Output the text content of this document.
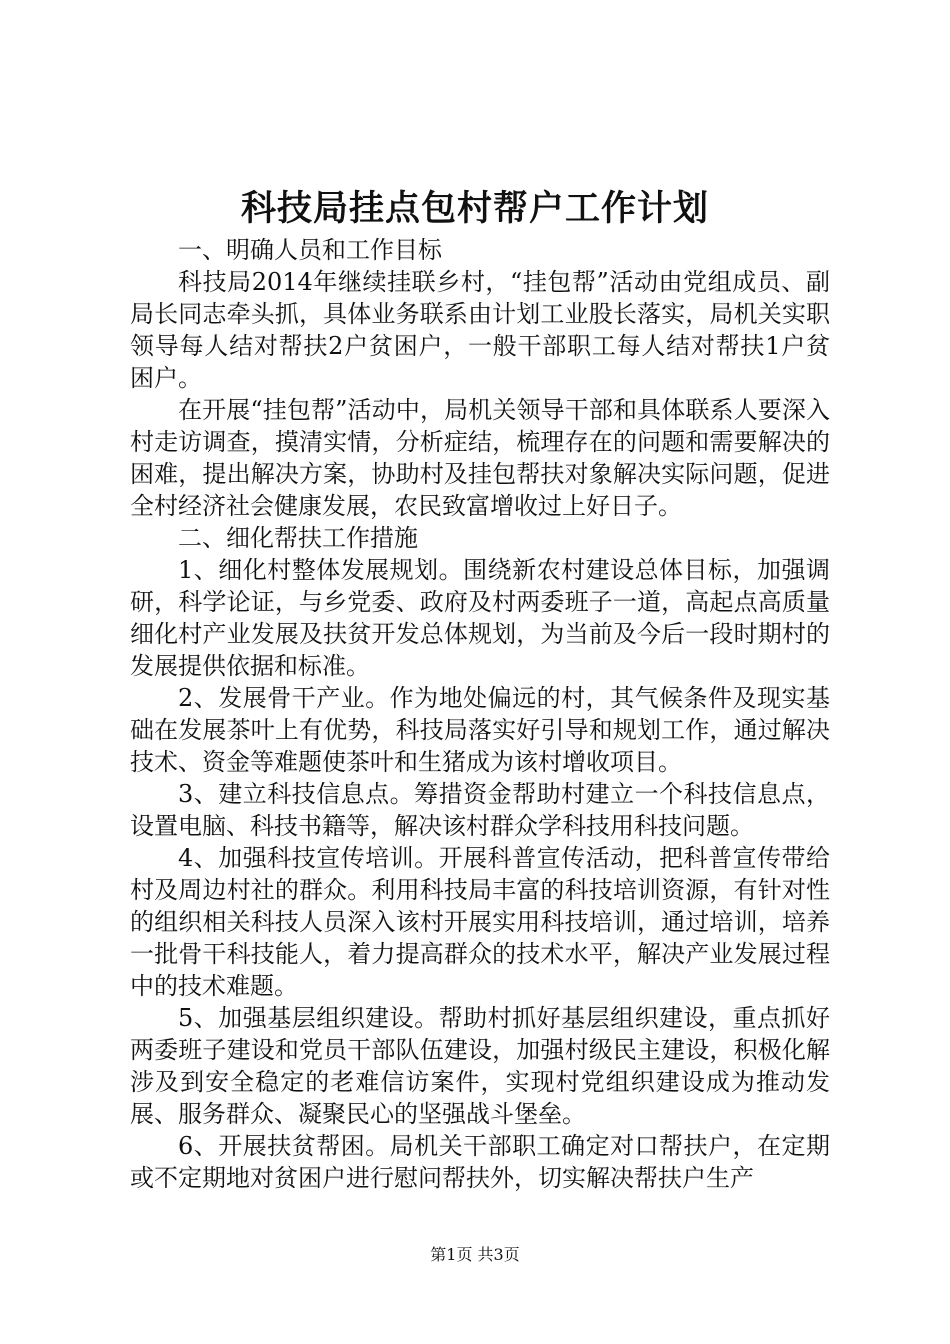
科技局挂点包村帮户工作计划

一、明确人员和工作目标

科技局2014年继续挂联乡村，“挂包帮”活动由党组成员、副局长同志牵头抓，具体业务联系由计划工业股长落实，局机关实职领导每人结对帮扶2户贫困户，一般干部职工每人结对帮扶1户贫困户。

在开展“挂包帮”活动中，局机关领导干部和具体联系人要深入村走访调查，摸清实情，分析症结，梳理存在的问题和需要解决的困难，提出解决方案，协助村及挂包帮扶对象解决实际问题，促进全村经济社会健康发展，农民致富增收过上好日子。

二、细化帮扶工作措施

1、细化村整体发展规划。围绕新农村建设总体目标，加强调研，科学论证，与乡党委、政府及村两委班子一道，高起点高质量细化村产业发展及扶贫开发总体规划，为当前及今后一段时期村的发展提供依据和标准。

2、发展骨干产业。作为地处偏远的村，其气候条件及现实基础在发展茶叶上有优势，科技局落实好引导和规划工作，通过解决技术、资金等难题使茶叶和生猪成为该村增收项目。

3、建立科技信息点。筹措资金帮助村建立一个科技信息点，设置电脑、科技书籍等，解决该村群众学科技用科技问题。

4、加强科技宣传培训。开展科普宣传活动，把科普宣传带给村及周边村社的群众。利用科技局丰富的科技培训资源，有针对性的组织相关科技人员深入该村开展实用科技培训，通过培训，培养一批骨干科技能人，着力提高群众的技术水平，解决产业发展过程中的技术难题。

5、加强基层组织建设。帮助村抓好基层组织建设，重点抓好两委班子建设和党员干部队伍建设，加强村级民主建设，积极化解涉及到安全稳定的老难信访案件，实现村党组织建设成为推动发展、服务群众、凝聚民心的坚强战斗堡垒。

6、开展扶贫帮困。局机关干部职工确定对口帮扶户，在定期或不定期地对贫困户进行慰问帮扶外，切实解决帮扶户生产

第1页 共3页
